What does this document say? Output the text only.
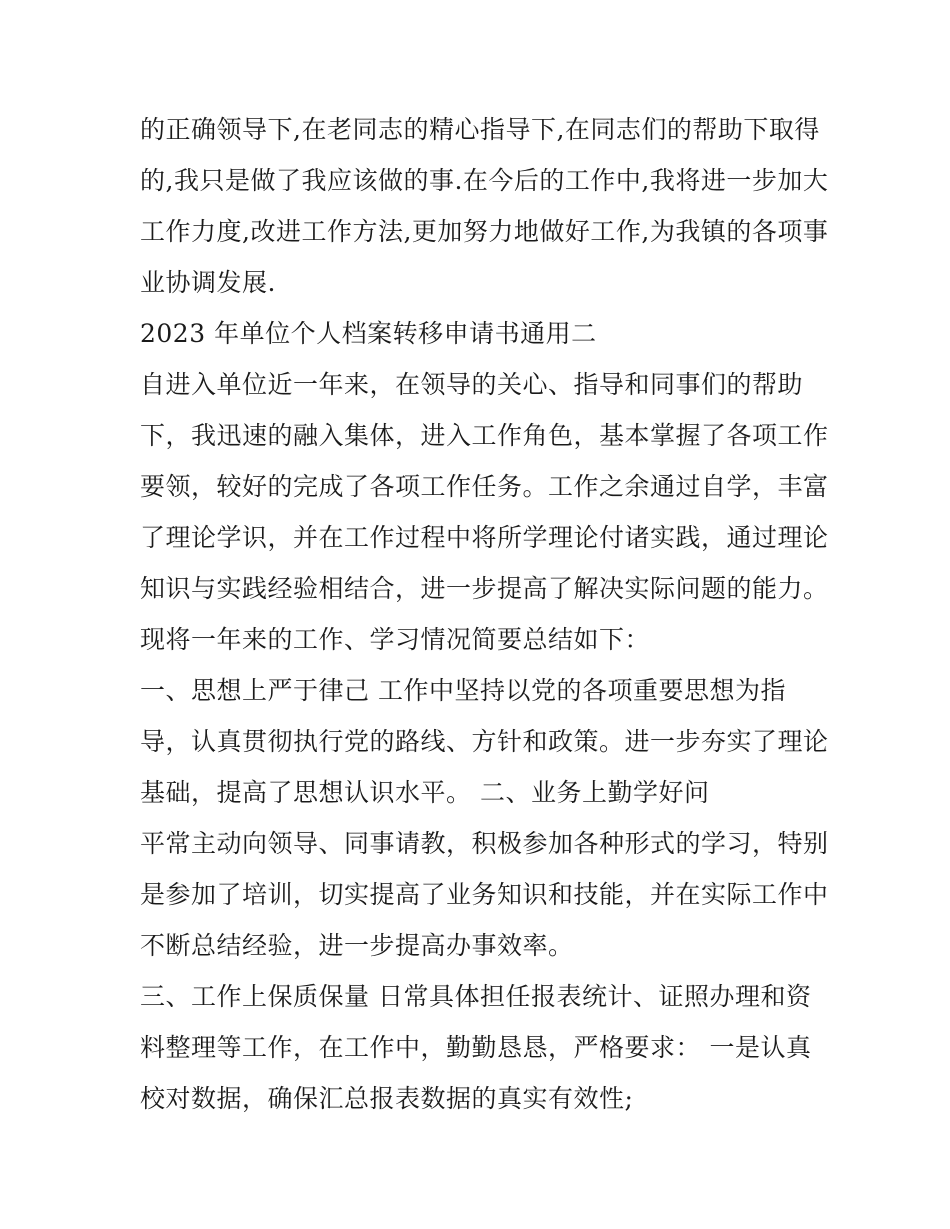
的正确领导下,在老同志的精心指导下,在同志们的帮助下取得

的,我只是做了我应该做的事.在今后的工作中,我将进一步加大

工作力度,改进工作方法,更加努力地做好工作,为我镇的各项事

业协调发展.

2023 年单位个人档案转移申请书通用二

自进入单位近一年来，在领导的关心、指导和同事们的帮助

下，我迅速的融入集体，进入工作角色，基本掌握了各项工作

要领，较好的完成了各项工作任务。工作之余通过自学，丰富

了理论学识，并在工作过程中将所学理论付诸实践，通过理论

知识与实践经验相结合，进一步提高了解决实际问题的能力。

现将一年来的工作、学习情况简要总结如下：

一、思想上严于律己 工作中坚持以党的各项重要思想为指

导，认真贯彻执行党的路线、方针和政策。进一步夯实了理论

基础，提高了思想认识水平。 二、业务上勤学好问

平常主动向领导、同事请教，积极参加各种形式的学习，特别

是参加了培训，切实提高了业务知识和技能，并在实际工作中

不断总结经验，进一步提高办事效率。

三、工作上保质保量 日常具体担任报表统计、证照办理和资

料整理等工作，在工作中，勤勤恳恳，严格要求： 一是认真

校对数据，确保汇总报表数据的真实有效性;
